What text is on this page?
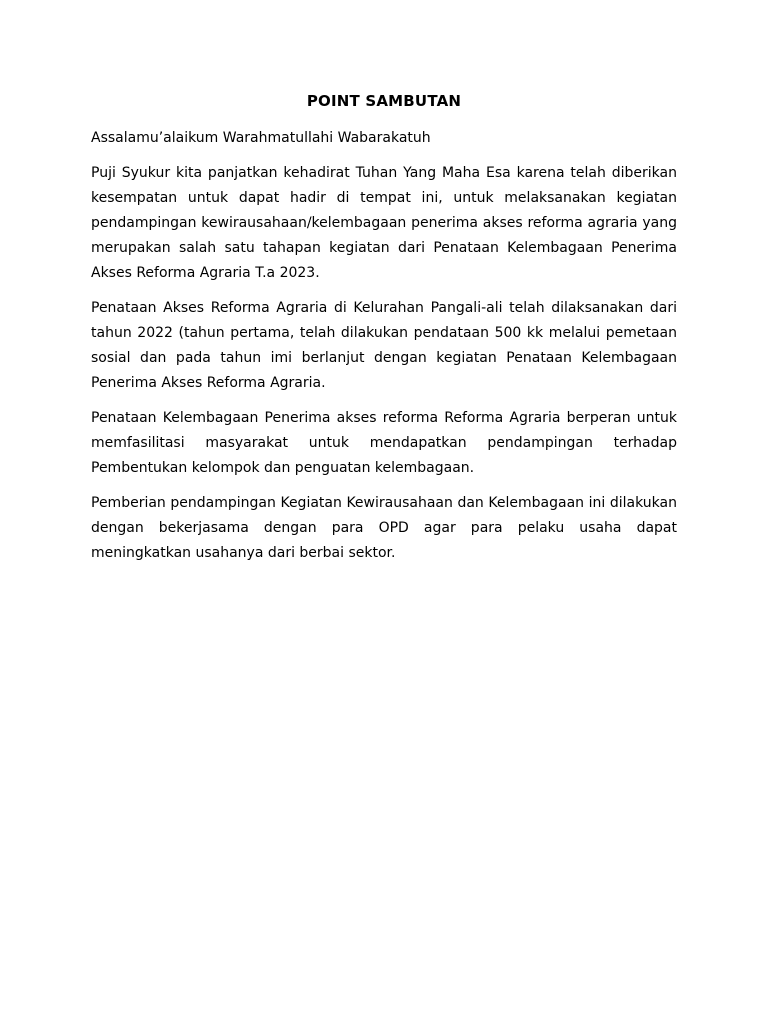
POINT SAMBUTAN

Assalamu’alaikum Warahmatullahi Wabarakatuh

Puji Syukur kita panjatkan kehadirat Tuhan Yang Maha Esa karena telah diberikan kesempatan untuk dapat hadir di tempat ini, untuk melaksanakan kegiatan pendampingan kewirausahaan/kelembagaan penerima akses reforma agraria yang merupakan salah satu tahapan kegiatan dari Penataan Kelembagaan Penerima Akses Reforma Agraria T.a 2023.

Penataan Akses Reforma Agraria di Kelurahan Pangali-ali telah dilaksanakan dari tahun 2022 (tahun pertama, telah dilakukan pendataan 500 kk melalui pemetaan sosial dan pada tahun imi berlanjut dengan kegiatan Penataan Kelembagaan Penerima Akses Reforma Agraria.

Penataan Kelembagaan Penerima akses reforma Reforma Agraria berperan untuk memfasilitasi masyarakat untuk mendapatkan pendampingan terhadap Pembentukan kelompok dan penguatan kelembagaan.

Pemberian pendampingan Kegiatan Kewirausahaan dan Kelembagaan ini dilakukan dengan bekerjasama dengan para OPD agar para pelaku usaha dapat meningkatkan usahanya dari berbai sektor.
